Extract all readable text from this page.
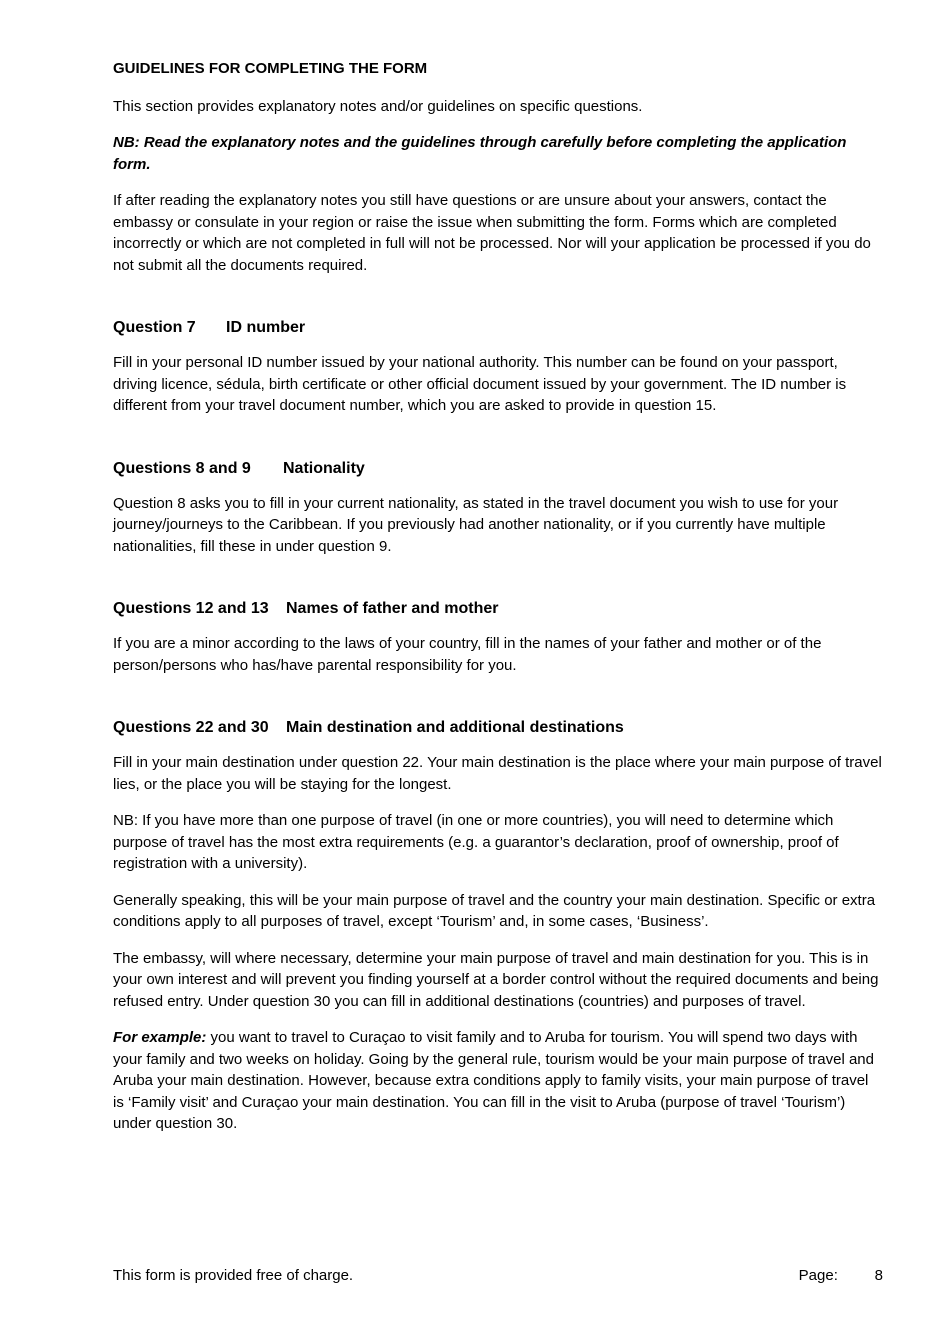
GUIDELINES FOR COMPLETING THE FORM

This section provides explanatory notes and/or guidelines on specific questions.

NB: Read the explanatory notes and the guidelines through carefully before completing the application form.

If after reading the explanatory notes you still have questions or are unsure about your answers, contact the embassy or consulate in your region or raise the issue when submitting the form. Forms which are completed incorrectly or which are not completed in full will not be processed. Nor will your application be processed if you do not submit all the documents required.

Question 7	ID number

Fill in your personal ID number issued by your national authority. This number can be found on your passport, driving licence, sédula, birth certificate or other official document issued by your government. The ID number is different from your travel document number, which you are asked to provide in question 15.

Questions 8 and 9	Nationality

Question 8 asks you to fill in your current nationality, as stated in the travel document you wish to use for your journey/journeys to the Caribbean. If you previously had another nationality, or if you currently have multiple nationalities, fill these in under question 9.

Questions 12 and 13	Names of father and mother

If you are a minor according to the laws of your country, fill in the names of your father and mother or of the person/persons who has/have parental responsibility for you.

Questions 22 and 30	Main destination and additional destinations

Fill in your main destination under question 22. Your main destination is the place where your main purpose of travel lies, or the place you will be staying for the longest.

NB: If you have more than one purpose of travel (in one or more countries), you will need to determine which purpose of travel has the most extra requirements (e.g. a guarantor’s declaration, proof of ownership, proof of registration with a university).

Generally speaking, this will be your main purpose of travel and the country your main destination. Specific or extra conditions apply to all purposes of travel, except ‘Tourism’ and, in some cases, ‘Business’.

The embassy, will where necessary, determine your main purpose of travel and main destination for you. This is in your own interest and will prevent you finding yourself at a border control without the required documents and being refused entry. Under question 30 you can fill in additional destinations (countries) and purposes of travel.

For example: you want to travel to Curaçao to visit family and to Aruba for tourism. You will spend two days with your family and two weeks on holiday. Going by the general rule, tourism would be your main purpose of travel and Aruba your main destination. However, because extra conditions apply to family visits, your main purpose of travel is ‘Family visit’ and Curaçao your main destination. You can fill in the visit to Aruba (purpose of travel ‘Tourism’) under question 30.

This form is provided free of charge.	Page:	8
